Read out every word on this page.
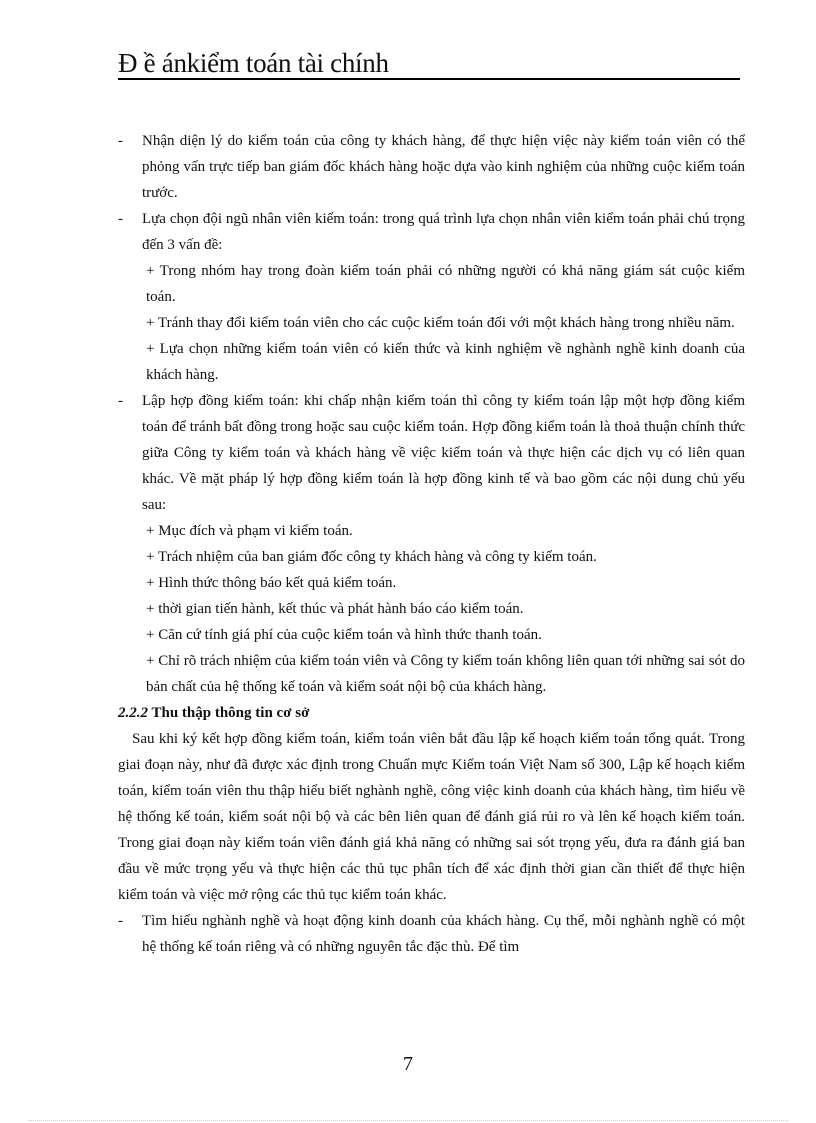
Đ ề ánkiểm toán tài chính
- Nhận diện lý do kiểm toán của công ty khách hàng, để thực hiện việc này kiểm toán viên có thể phỏng vấn trực tiếp ban giám đốc khách hàng hoặc dựa vào kinh nghiệm của những cuộc kiểm toán trước.
- Lựa chọn đội ngũ nhân viên kiểm toán: trong quá trình lựa chọn nhân viên kiểm toán phải chú trọng đến 3 vấn đề:
+ Trong nhóm hay trong đoàn kiểm toán phải có những người có khả năng giám sát cuộc kiểm toán.
+ Tránh thay đổi kiểm toán viên cho các cuộc kiểm toán đối với một khách hàng trong nhiều năm.
+ Lựa chọn những kiểm toán viên có kiến thức và kinh nghiệm về nghành nghề kinh doanh của khách hàng.
- Lập hợp đồng kiểm toán: khi chấp nhận kiểm toán thì công ty kiểm toán lập một hợp đồng kiểm toán để tránh bất đồng trong hoặc sau cuộc kiểm toán. Hợp đồng kiểm toán là thoả thuận chính thức giữa Công ty kiểm toán và khách hàng về việc kiểm toán và thực hiện các dịch vụ có liên quan khác. Về mặt pháp lý hợp đồng kiểm toán là hợp đồng kinh tế và bao gồm các nội dung chủ yếu sau:
+ Mục đích và phạm vi kiểm toán.
+ Trách nhiệm của ban giám đốc công ty khách hàng và công ty kiểm toán.
+ Hình thức thông báo kết quả kiểm toán.
+ thời gian tiến hành, kết thúc và phát hành báo cáo kiểm toán.
+ Căn cứ tính giá phí của cuộc kiểm toán và hình thức thanh toán.
+ Chỉ rõ trách nhiệm của kiểm toán viên và Công ty kiểm toán không liên quan tới những sai sót do bản chất của hệ thống kế toán và kiểm soát nội bộ của khách hàng.
2.2.2 Thu thập thông tin cơ sở
Sau khi ký kết hợp đồng kiểm toán, kiểm toán viên bắt đầu lập kế hoạch kiểm toán tổng quát. Trong giai đoạn này, như đã được xác định trong Chuẩn mực Kiểm toán Việt Nam số 300, Lập kế hoạch kiểm toán, kiểm toán viên thu thập hiểu biết nghành nghề, công việc kinh doanh của khách hàng, tìm hiểu về hệ thống kế toán, kiểm soát nội bộ và các bên liên quan để đánh giá rủi ro và lên kế hoạch kiểm toán. Trong giai đoạn này kiểm toán viên đánh giá khả năng có những sai sót trọng yếu, đưa ra đánh giá ban đầu về mức trọng yếu và thực hiện các thủ tục phân tích để xác định thời gian cần thiết để thực hiện kiểm toán và việc mở rộng các thủ tục kiểm toán khác.
- Tìm hiểu nghành nghề và hoạt động kinh doanh của khách hàng. Cụ thể, mỗi nghành nghề có một hệ thống kế toán riêng và có những nguyên tắc đặc thù. Để tìm
7
